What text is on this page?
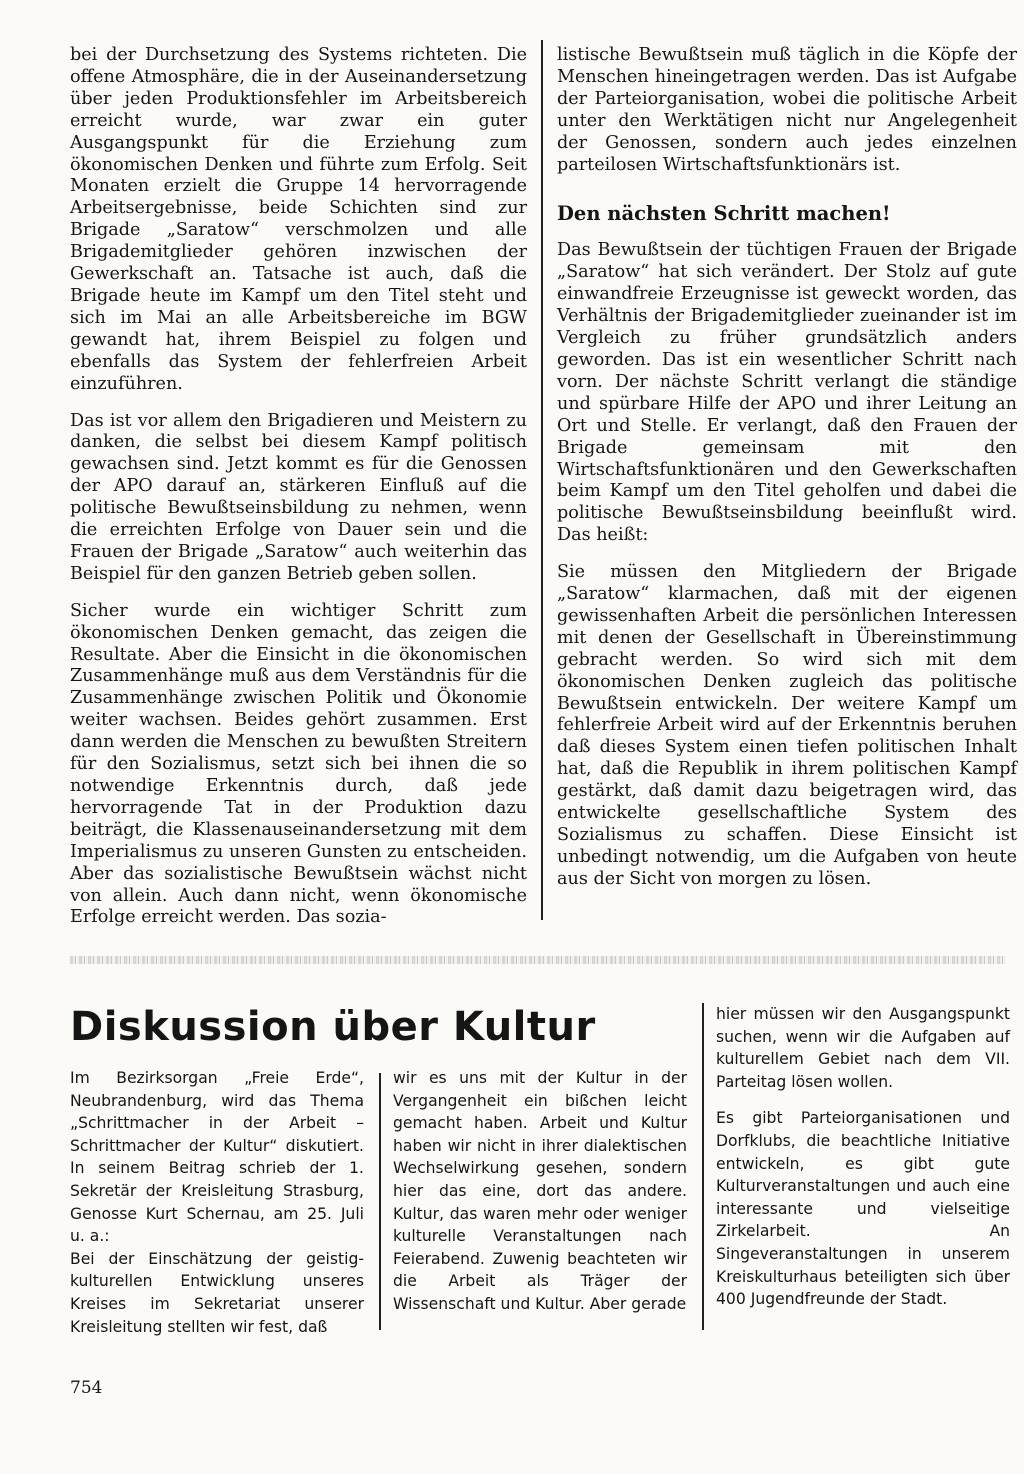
bei der Durchsetzung des Systems richteten. Die offene Atmosphäre, die in der Auseinandersetzung über jeden Produktionsfehler im Arbeitsbereich erreicht wurde, war zwar ein guter Ausgangspunkt für die Erziehung zum ökonomischen Denken und führte zum Erfolg. Seit Monaten erzielt die Gruppe 14 hervorragende Arbeitsergebnisse, beide Schichten sind zur Brigade „Saratow“ verschmolzen und alle Brigademitglieder gehören inzwischen der Gewerkschaft an. Tatsache ist auch, daß die Brigade heute im Kampf um den Titel steht und sich im Mai an alle Arbeitsbereiche im BGW gewandt hat, ihrem Beispiel zu folgen und ebenfalls das System der fehlerfreien Arbeit einzuführen.

Das ist vor allem den Brigadieren und Meistern zu danken, die selbst bei diesem Kampf politisch gewachsen sind. Jetzt kommt es für die Genossen der APO darauf an, stärkeren Einfluß auf die politische Bewußtseinsbildung zu nehmen, wenn die erreichten Erfolge von Dauer sein und die Frauen der Brigade „Saratow“ auch weiterhin das Beispiel für den ganzen Betrieb geben sollen.

Sicher wurde ein wichtiger Schritt zum ökonomischen Denken gemacht, das zeigen die Resultate. Aber die Einsicht in die ökonomischen Zusammenhänge muß aus dem Verständnis für die Zusammenhänge zwischen Politik und Ökonomie weiter wachsen. Beides gehört zusammen. Erst dann werden die Menschen zu bewußten Streitern für den Sozialismus, setzt sich bei ihnen die so notwendige Erkenntnis durch, daß jede hervorragende Tat in der Produktion dazu beiträgt, die Klassenauseinandersetzung mit dem Imperialismus zu unseren Gunsten zu entscheiden. Aber das sozialistische Bewußtsein wächst nicht von allein. Auch dann nicht, wenn ökonomische Erfolge erreicht werden. Das sozia-

listische Bewußtsein muß täglich in die Köpfe der Menschen hineingetragen werden. Das ist Aufgabe der Parteiorganisation, wobei die politische Arbeit unter den Werktätigen nicht nur Angelegenheit der Genossen, sondern auch jedes einzelnen parteilosen Wirtschaftsfunktionärs ist.

Den nächsten Schritt machen!

Das Bewußtsein der tüchtigen Frauen der Brigade „Saratow“ hat sich verändert. Der Stolz auf gute einwandfreie Erzeugnisse ist geweckt worden, das Verhältnis der Brigademitglieder zueinander ist im Vergleich zu früher grundsätzlich anders geworden. Das ist ein wesentlicher Schritt nach vorn. Der nächste Schritt verlangt die ständige und spürbare Hilfe der APO und ihrer Leitung an Ort und Stelle. Er verlangt, daß den Frauen der Brigade gemeinsam mit den Wirtschaftsfunktionären und den Gewerkschaften beim Kampf um den Titel geholfen und dabei die politische Bewußtseinsbildung beeinflußt wird. Das heißt:

Sie müssen den Mitgliedern der Brigade „Saratow“ klarmachen, daß mit der eigenen gewissenhaften Arbeit die persönlichen Interessen mit denen der Gesellschaft in Übereinstimmung gebracht werden. So wird sich mit dem ökonomischen Denken zugleich das politische Bewußtsein entwickeln. Der weitere Kampf um fehlerfreie Arbeit wird auf der Erkenntnis beruhen daß dieses System einen tiefen politischen Inhalt hat, daß die Republik in ihrem politischen Kampf gestärkt, daß damit dazu beigetragen wird, das entwickelte gesellschaftliche System des Sozialismus zu schaffen. Diese Einsicht ist unbedingt notwendig, um die Aufgaben von heute aus der Sicht von morgen zu lösen.

Diskussion über Kultur

Im Bezirksorgan „Freie Erde“, Neubrandenburg, wird das Thema „Schrittmacher in der Arbeit – Schrittmacher der Kultur“ diskutiert. In seinem Beitrag schrieb der 1. Sekretär der Kreisleitung Strasburg, Genosse Kurt Schernau, am 25. Juli u. a.:

Bei der Einschätzung der geistig-kulturellen Entwicklung unseres Kreises im Sekretariat unserer Kreisleitung stellten wir fest, daß

wir es uns mit der Kultur in der Vergangenheit ein bißchen leicht gemacht haben. Arbeit und Kultur haben wir nicht in ihrer dialektischen Wechselwirkung gesehen, sondern hier das eine, dort das andere. Kultur, das waren mehr oder weniger kulturelle Veranstaltungen nach Feierabend. Zuwenig beachteten wir die Arbeit als Träger der Wissenschaft und Kultur. Aber gerade

hier müssen wir den Ausgangspunkt suchen, wenn wir die Aufgaben auf kulturellem Gebiet nach dem VII. Parteitag lösen wollen.

Es gibt Parteiorganisationen und Dorfklubs, die beachtliche Initiative entwickeln, es gibt gute Kulturveranstaltungen und auch eine interessante und vielseitige Zirkelarbeit. An Singeveranstaltungen in unserem Kreiskulturhaus beteiligten sich über 400 Jugendfreunde der Stadt.

754
